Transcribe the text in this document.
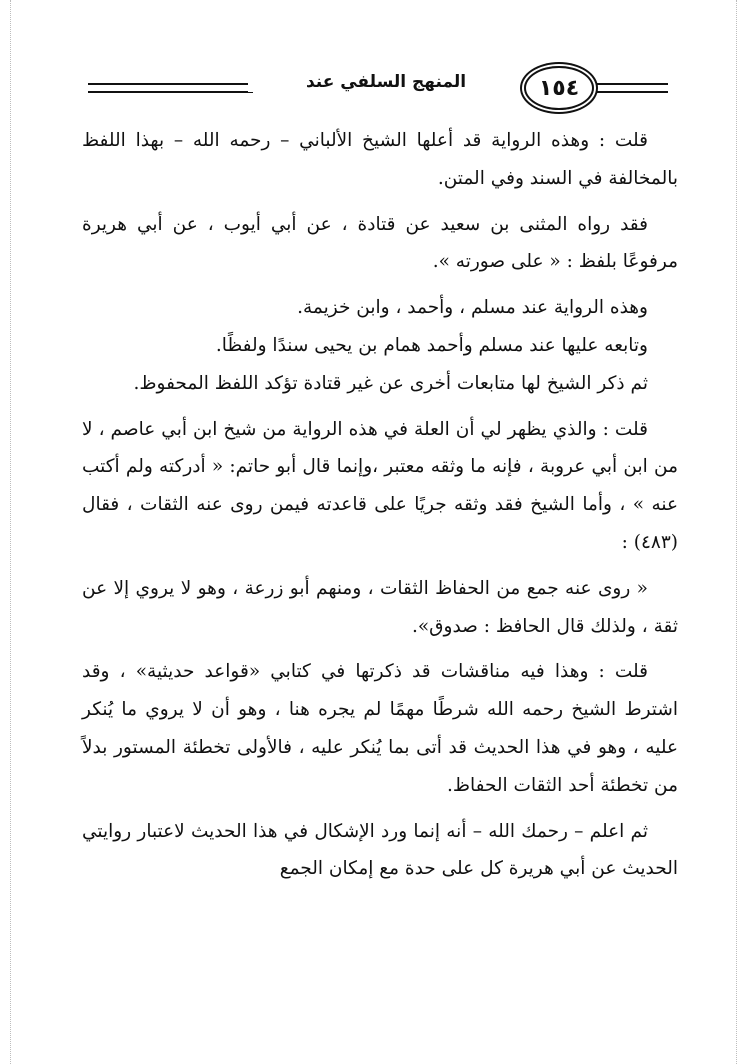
المنهج السلفي عند	١٥٤

قلت : وهذه الرواية قد أعلها الشيخ الألباني – رحمه الله – بهذا اللفظ بالمخالفة في السند وفي المتن.

فقد رواه المثنى بن سعيد عن قتادة ، عن أبي أيوب ، عن أبي هريرة مرفوعًا بلفظ : « على صورته ».

وهذه الرواية عند مسلم ، وأحمد ، وابن خزيمة.

وتابعه عليها عند مسلم وأحمد همام بن يحيى سندًا ولفظًا.

ثم ذكر الشيخ لها متابعات أخرى عن غير قتادة تؤكد اللفظ المحفوظ.

قلت : والذي يظهر لي أن العلة في هذه الرواية من شيخ ابن أبي عاصم ، لا من ابن أبي عروبة ، فإنه ما وثقه معتبر ،وإنما قال أبو حاتم: « أدركته ولم أكتب عنه » ، وأما الشيخ فقد وثقه جريًا على قاعدته فيمن روى عنه الثقات ، فقال (٤٨٣) :

« روى عنه جمع من الحفاظ الثقات ، ومنهم أبو زرعة ، وهو لا يروي إلا عن ثقة ، ولذلك قال الحافظ : صدوق».

قلت : وهذا فيه مناقشات قد ذكرتها في كتابي «قواعد حديثية» ، وقد اشترط الشيخ رحمه الله شرطًا مهمًا لم يجره هنا ، وهو أن لا يروي ما يُنكر عليه ، وهو في هذا الحديث قد أتى بما يُنكر عليه ، فالأولى تخطئة المستور بدلاً من تخطئة أحد الثقات الحفاظ.

ثم اعلم – رحمك الله – أنه إنما ورد الإشكال في هذا الحديث لاعتبار روايتي الحديث عن أبي هريرة كل على حدة مع إمكان الجمع
